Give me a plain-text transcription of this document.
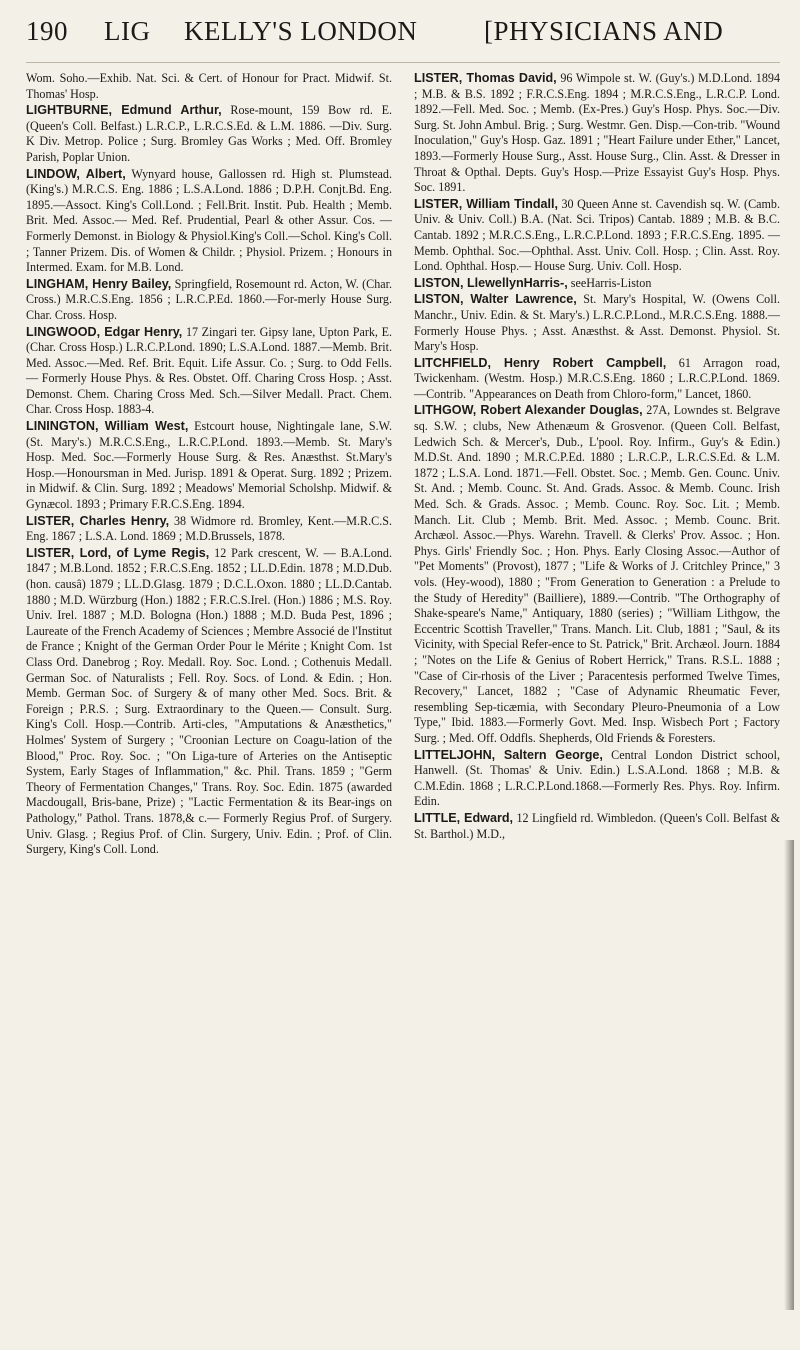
190	LIG	KELLY'S LONDON	[PHYSICIANS AND

Wom. Soho.—Exhib. Nat. Sci. & Cert. of Honour for Pract. Midwif. St. Thomas' Hosp.

LIGHTBURNE, Edmund Arthur, Rose-mount, 159 Bow rd. E. (Queen's Coll. Belfast.) L.R.C.P., L.R.C.S.Ed. & L.M. 1886. —Div. Surg. K Div. Metrop. Police ; Surg. Bromley Gas Works ; Med. Off. Bromley Parish, Poplar Union.

LINDOW, Albert, Wynyard house, Gallossen rd. High st. Plumstead. (King's.) M.R.C.S. Eng. 1886 ; L.S.A.Lond. 1886 ; D.P.H. Conjt.Bd. Eng. 1895.—Assoct. King's Coll.Lond. ; Fell.Brit. Instit. Pub. Health ; Memb. Brit. Med. Assoc.— Med. Ref. Prudential, Pearl & other Assur. Cos. —Formerly Demonst. in Biology & Physiol.King's Coll.—Schol. King's Coll. ; Tanner Prizem. Dis. of Women & Childr. ; Physiol. Prizem. ; Honours in Intermed. Exam. for M.B. Lond.

LINGHAM, Henry Bailey, Springfield, Rosemount rd. Acton, W. (Char. Cross.) M.R.C.S.Eng. 1856 ; L.R.C.P.Ed. 1860.—For-merly House Surg. Char. Cross. Hosp.

LINGWOOD, Edgar Henry, 17 Zingari ter. Gipsy lane, Upton Park, E. (Char. Cross Hosp.) L.R.C.P.Lond. 1890; L.S.A.Lond. 1887.—Memb. Brit. Med. Assoc.—Med. Ref. Brit. Equit. Life Assur. Co. ; Surg. to Odd Fells. — Formerly House Phys. & Res. Obstet. Off. Charing Cross Hosp. ; Asst. Demonst. Chem. Charing Cross Med. Sch.—Silver Medall. Pract. Chem. Char. Cross Hosp. 1883-4.

LININGTON, William West, Estcourt house, Nightingale lane, S.W. (St. Mary's.) M.R.C.S.Eng., L.R.C.P.Lond. 1893.—Memb. St. Mary's Hosp. Med. Soc.—Formerly House Surg. & Res. Anæsthst. St.Mary's Hosp.—Honoursman in Med. Jurisp. 1891 & Operat. Surg. 1892 ; Prizem. in Midwif. & Clin. Surg. 1892 ; Meadows' Memorial Scholshp. Midwif. & Gynæcol. 1893 ; Primary F.R.C.S.Eng. 1894.

LISTER, Charles Henry, 38 Widmore rd. Bromley, Kent.—M.R.C.S. Eng. 1867 ; L.S.A. Lond. 1869 ; M.D.Brussels, 1878.

LISTER, Lord, of Lyme Regis, 12 Park crescent, W. — B.A.Lond. 1847 ; M.B.Lond. 1852 ; F.R.C.S.Eng. 1852 ; LL.D.Edin. 1878 ; M.D.Dub. (hon. causâ) 1879 ; LL.D.Glasg. 1879 ; D.C.L.Oxon. 1880 ; LL.D.Cantab. 1880 ; M.D. Würzburg (Hon.) 1882 ; F.R.C.S.Irel. (Hon.) 1886 ; M.S. Roy. Univ. Irel. 1887 ; M.D. Bologna (Hon.) 1888 ; M.D. Buda Pest, 1896 ; Laureate of the French Academy of Sciences ; Membre Associé de l'Institut de France ; Knight of the German Order Pour le Mérite ; Knight Com. 1st Class Ord. Danebrog ; Roy. Medall. Roy. Soc. Lond. ; Cothenuis Medall. German Soc. of Naturalists ; Fell. Roy. Socs. of Lond. & Edin. ; Hon. Memb. German Soc. of Surgery & of many other Med. Socs. Brit. & Foreign ; P.R.S. ; Surg. Extraordinary to the Queen.— Consult. Surg. King's Coll. Hosp.—Contrib. Arti-cles, "Amputations & Anæsthetics," Holmes' System of Surgery ; "Croonian Lecture on Coagu-lation of the Blood," Proc. Roy. Soc. ; "On Liga-ture of Arteries on the Antiseptic System, Early Stages of Inflammation," &c. Phil. Trans. 1859 ; "Germ Theory of Fermentation Changes," Trans. Roy. Soc. Edin. 1875 (awarded Macdougall, Bris-bane, Prize) ; "Lactic Fermentation & its Bear-ings on Pathology," Pathol. Trans. 1878,& c.— Formerly Regius Prof. of Surgery. Univ. Glasg. ; Regius Prof. of Clin. Surgery, Univ. Edin. ; Prof. of Clin. Surgery, King's Coll. Lond.

LISTER, Thomas David, 96 Wimpole st. W. (Guy's.) M.D.Lond. 1894 ; M.B. & B.S. 1892 ; F.R.C.S.Eng. 1894 ; M.R.C.S.Eng., L.R.C.P. Lond. 1892.—Fell. Med. Soc. ; Memb. (Ex-Pres.) Guy's Hosp. Phys. Soc.—Div. Surg. St. John Ambul. Brig. ; Surg. Westmr. Gen. Disp.—Con-trib. "Wound Inoculation," Guy's Hosp. Gaz. 1891 ; "Heart Failure under Ether," Lancet, 1893.—Formerly House Surg., Asst. House Surg., Clin. Asst. & Dresser in Throat & Opthal. Depts. Guy's Hosp.—Prize Essayist Guy's Hosp. Phys. Soc. 1891.

LISTER, William Tindall, 30 Queen Anne st. Cavendish sq. W. (Camb. Univ. & Univ. Coll.) B.A. (Nat. Sci. Tripos) Cantab. 1889 ; M.B. & B.C. Cantab. 1892 ; M.R.C.S.Eng., L.R.C.P.Lond. 1893 ; F.R.C.S.Eng. 1895. — Memb. Ophthal. Soc.—Ophthal. Asst. Univ. Coll. Hosp. ; Clin. Asst. Roy. Lond. Ophthal. Hosp.— House Surg. Univ. Coll. Hosp.

LISTON, LlewellynHarris-, seeHarris-Liston

LISTON, Walter Lawrence, St. Mary's Hospital, W. (Owens Coll. Manchr., Univ. Edin. & St. Mary's.) L.R.C.P.Lond., M.R.C.S.Eng. 1888.—Formerly House Phys. ; Asst. Anæsthst. & Asst. Demonst. Physiol. St. Mary's Hosp.

LITCHFIELD, Henry Robert Campbell, 61 Arragon road, Twickenham. (Westm. Hosp.) M.R.C.S.Eng. 1860 ; L.R.C.P.Lond. 1869. —Contrib. "Appearances on Death from Chloro-form," Lancet, 1860.

LITHGOW, Robert Alexander Douglas, 27A, Lowndes st. Belgrave sq. S.W. ; clubs, New Athenæum & Grosvenor. (Queen Coll. Belfast, Ledwich Sch. & Mercer's, Dub., L'pool. Roy. Infirm., Guy's & Edin.) M.D.St. And. 1890 ; M.R.C.P.Ed. 1880 ; L.R.C.P., L.R.C.S.Ed. & L.M. 1872 ; L.S.A. Lond. 1871.—Fell. Obstet. Soc. ; Memb. Gen. Counc. Univ. St. And. ; Memb. Counc. St. And. Grads. Assoc. & Memb. Counc. Irish Med. Sch. & Grads. Assoc. ; Memb. Counc. Roy. Soc. Lit. ; Memb. Manch. Lit. Club ; Memb. Brit. Med. Assoc. ; Memb. Counc. Brit. Archæol. Assoc.—Phys. Warehn. Travell. & Clerks' Prov. Assoc. ; Hon. Phys. Girls' Friendly Soc. ; Hon. Phys. Early Closing Assoc.—Author of "Pet Moments" (Provost), 1877 ; "Life & Works of J. Critchley Prince," 3 vols. (Hey-wood), 1880 ; "From Generation to Generation : a Prelude to the Study of Heredity" (Bailliere), 1889.—Contrib. "The Orthography of Shake-speare's Name," Antiquary, 1880 (series) ; "William Lithgow, the Eccentric Scottish Traveller," Trans. Manch. Lit. Club, 1881 ; "Saul, & its Vicinity, with Special Refer-ence to St. Patrick," Brit. Archæol. Journ. 1884 ; "Notes on the Life & Genius of Robert Herrick," Trans. R.S.L. 1888 ; "Case of Cir-rhosis of the Liver ; Paracentesis performed Twelve Times, Recovery," Lancet, 1882 ; "Case of Adynamic Rheumatic Fever, resembling Sep-ticæmia, with Secondary Pleuro-Pneumonia of a Low Type," Ibid. 1883.—Formerly Govt. Med. Insp. Wisbech Port ; Factory Surg. ; Med. Off. Oddfls. Shepherds, Old Friends & Foresters.

LITTELJOHN, Saltern George, Central London District school, Hanwell. (St. Thomas' & Univ. Edin.) L.S.A.Lond. 1868 ; M.B. & C.M.Edin. 1868 ; L.R.C.P.Lond.1868.—Formerly Res. Phys. Roy. Infirm. Edin.

LITTLE, Edward, 12 Lingfield rd. Wimbledon. (Queen's Coll. Belfast & St. Barthol.) M.D.,
